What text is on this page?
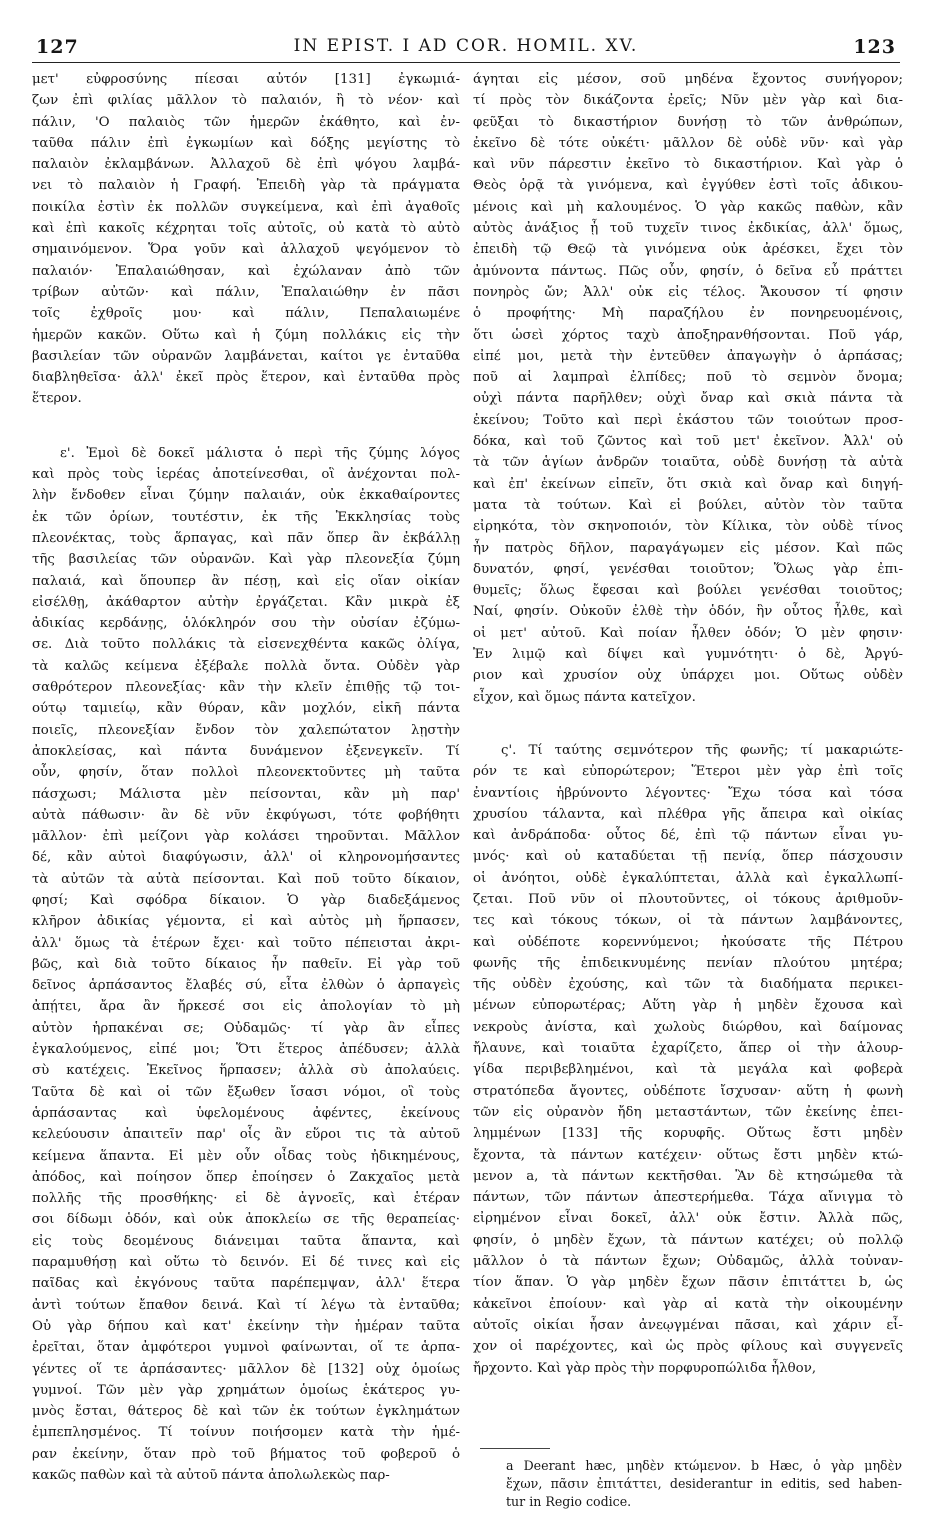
127	IN EPIST. I AD COR. HOMIL. XV.	123
μετ' εὐφροσύνης πίεσαι αὐτόν [131] ἐγκωμιά-
ζων ἐπὶ φιλίας μᾶλλον τὸ παλαιόν, ἢ τὸ νέον· καὶ
πάλιν, 'Ο παλαιὸς τῶν ἡμερῶν ἐκάθητο, καὶ ἐν-
ταῦθα πάλιν ἐπὶ ἐγκωμίων καὶ δόξης μεγίστης τὸ
παλαιὸν ἐκλαμβάνων. Ἀλλαχοῦ δὲ ἐπὶ ψόγου λαμβά-
νει τὸ παλαιὸν ἡ Γραφή. Ἐπειδὴ γὰρ τὰ πράγματα
ποικίλα ἐστὶν ἐκ πολλῶν συγκείμενα, καὶ ἐπὶ ἀγαθοῖς
καὶ ἐπὶ κακοῖς κέχρηται τοῖς αὐτοῖς, οὐ κατὰ τὸ αὐτὸ
σημαινόμενον. Ὅρα γοῦν καὶ ἀλλαχοῦ ψεγόμενον τὸ
παλαιόν· Ἐπαλαιώθησαν, καὶ ἐχώλαναν ἀπὸ τῶν
τρίβων αὐτῶν· καὶ πάλιν, Ἐπαλαιώθην ἐν πᾶσι
τοῖς ἐχθροῖς μου· καὶ πάλιν, Πεπαλαιωμένε
ἡμερῶν κακῶν. Οὕτω καὶ ἡ ζύμη πολλάκις εἰς τὴν
βασιλείαν τῶν οὐρανῶν λαμβάνεται, καίτοι γε ἐνταῦθα
διαβληθεῖσα· ἀλλ' ἐκεῖ πρὸς ἕτερον, καὶ ἐνταῦθα πρὸς
ἕτερον.
ε'. Ἐμοὶ δὲ δοκεῖ μάλιστα ὁ περὶ τῆς ζύμης λόγος
καὶ πρὸς τοὺς ἱερέας ἀποτείνεσθαι, οἳ ἀνέχονται πολ-
λὴν ἔνδοθεν εἶναι ζύμην παλαιάν, οὐκ ἐκκαθαίροντες
ἐκ τῶν ὁρίων, τουτέστιν, ἐκ τῆς Ἐκκλησίας τοὺς
πλεονέκτας, τοὺς ἅρπαγας, καὶ πᾶν ὅπερ ἂν ἐκβάλλῃ
τῆς βασιλείας τῶν οὐρανῶν. Καὶ γὰρ πλεονεξία ζύμη
παλαιά, καὶ ὅπουπερ ἂν πέσῃ, καὶ εἰς οἵαν οἰκίαν
εἰσέλθῃ, ἀκάθαρτον αὐτὴν ἐργάζεται. Κἂν μικρὰ ἐξ
ἀδικίας κερδάνῃς, ὁλόκληρόν σου τὴν οὐσίαν ἐζύμω-
σε. Διὰ τοῦτο πολλάκις τὰ εἰσενεχθέντα κακῶς ὀλίγα,
τὰ καλῶς κείμενα ἐξέβαλε πολλὰ ὄντα. Οὐδὲν γὰρ
σαθρότερον πλεονεξίας· κἂν τὴν κλεῖν ἐπιθῇς τῷ τοι-
ούτῳ ταμιείῳ, κἂν θύραν, κἂν μοχλόν, εἰκῆ πάντα
ποιεῖς, πλεονεξίαν ἔνδον τὸν χαλεπώτατον λῃστὴν
ἀποκλείσας, καὶ πάντα δυνάμενον ἐξενεγκεῖν. Τί
οὖν, φησίν, ὅταν πολλοὶ πλεονεκτοῦντες μὴ ταῦτα
πάσχωσι; Μάλιστα μὲν πείσονται, κἂν μὴ παρ'
αὐτὰ πάθωσιν· ἂν δὲ νῦν ἐκφύγωσι, τότε φοβήθητι
μᾶλλον· ἐπὶ μείζονι γὰρ κολάσει τηροῦνται. Μᾶλλον
δέ, κἂν αὐτοὶ διαφύγωσιν, ἀλλ' οἱ κληρονομήσαντες
τὰ αὐτῶν τὰ αὐτὰ πείσονται. Καὶ ποῦ τοῦτο δίκαιον,
φησί; Καὶ σφόδρα δίκαιον. Ὁ γὰρ διαδεξάμενος
κλῆρον ἀδικίας γέμοντα, εἰ καὶ αὐτὸς μὴ ἥρπασεν,
ἀλλ' ὅμως τὰ ἑτέρων ἔχει· καὶ τοῦτο πέπεισται ἀκρι-
βῶς, καὶ διὰ τοῦτο δίκαιος ἦν παθεῖν. Εἰ γὰρ τοῦ
δεῖνος ἁρπάσαντος ἔλαβές σύ, εἶτα ἐλθὼν ὁ ἀρπαγεὶς
ἀπῄτει, ἄρα ἂν ἤρκεσέ σοι εἰς ἀπολογίαν τὸ μὴ
αὐτὸν ἡρπακέναι σε; Οὐδαμῶς· τί γὰρ ἂν εἶπες
ἐγκαλούμενος, εἰπέ μοι; Ὅτι ἕτερος ἀπέδυσεν; ἀλλὰ
σὺ κατέχεις. Ἐκεῖνος ἥρπασεν; ἀλλὰ σὺ ἀπολαύεις.
Ταῦτα δὲ καὶ οἱ τῶν ἔξωθεν ἴσασι νόμοι, οἳ τοὺς
ἁρπάσαντας καὶ ὑφελομένους ἀφέντες, ἐκείνους
κελεύουσιν ἀπαιτεῖν παρ' οἷς ἂν εὕροι τις τὰ αὐτοῦ
κείμενα ἅπαντα. Εἰ μὲν οὖν οἶδας τοὺς ἠδικημένους,
ἀπόδος, καὶ ποίησον ὅπερ ἐποίησεν ὁ Ζακχαῖος μετὰ
πολλῆς τῆς προσθήκης· εἰ δὲ ἀγνοεῖς, καὶ ἑτέραν
σοι δίδωμι ὁδόν, καὶ οὐκ ἀποκλείω σε τῆς θεραπείας·
εἰς τοὺς δεομένους διάνειμαι ταῦτα ἅπαντα, καὶ
παραμυθήσῃ καὶ οὕτω τὸ δεινόν. Εἰ δέ τινες καὶ εἰς
παῖδας καὶ ἐκγόνους ταῦτα παρέπεμψαν, ἀλλ' ἕτερα
ἀντὶ τούτων ἔπαθον δεινά. Καὶ τί λέγω τὰ ἐνταῦθα;
Οὐ γὰρ δήπου καὶ κατ' ἐκείνην τὴν ἡμέραν ταῦτα
ἐρεῖται, ὅταν ἀμφότεροι γυμνοὶ φαίνωνται, οἵ τε ἁρπα-
γέντες οἵ τε ἁρπάσαντες· μᾶλλον δὲ [132] οὐχ ὁμοίως
γυμνοί. Τῶν μὲν γὰρ χρημάτων ὁμοίως ἑκάτερος γυ-
μνὸς ἔσται, θάτερος δὲ καὶ τῶν ἐκ τούτων ἐγκλημάτων
ἐμπεπλησμένος. Τί τοίνυν ποιήσομεν κατὰ τὴν ἡμέ-
ραν ἐκείνην, ὅταν πρὸ τοῦ βήματος τοῦ φοβεροῦ ὁ
κακῶς παθὼν καὶ τὰ αὐτοῦ πάντα ἀπολωλεκὼς παρ-
άγηται εἰς μέσον, σοῦ μηδένα ἔχοντος συνήγορον;
τί πρὸς τὸν δικάζοντα ἐρεῖς; Νῦν μὲν γὰρ καὶ δια-
φεῦξαι τὸ δικαστήριον δυνήσῃ τὸ τῶν ἀνθρώπων,
ἐκεῖνο δὲ τότε οὐκέτι· μᾶλλον δὲ οὐδὲ νῦν· καὶ γὰρ
καὶ νῦν πάρεστιν ἐκεῖνο τὸ δικαστήριον. Καὶ γὰρ ὁ
Θεὸς ὁρᾷ τὰ γινόμενα, καὶ ἐγγύθεν ἐστὶ τοῖς ἀδικου-
μένοις καὶ μὴ καλουμένος. Ὁ γὰρ κακῶς παθὼν, κἂν
αὐτὸς ἀνάξιος ᾖ τοῦ τυχεῖν τινος ἐκδικίας, ἀλλ' ὅμως,
ἐπειδὴ τῷ Θεῷ τὰ γινόμενα οὐκ ἀρέσκει, ἔχει τὸν
ἀμύνοντα πάντως. Πῶς οὖν, φησίν, ὁ δεῖνα εὖ πράττει
πονηρὸς ὤν; Ἀλλ' οὐκ εἰς τέλος. Ἄκουσον τί φησιν
ὁ προφήτης· Μὴ παραζήλου ἐν πονηρευομένοις,
ὅτι ὡσεὶ χόρτος ταχὺ ἀποξηρανθήσονται. Ποῦ γάρ,
εἰπέ μοι, μετὰ τὴν ἐντεῦθεν ἀπαγωγὴν ὁ ἁρπάσας;
ποῦ αἱ λαμπραὶ ἐλπίδες; ποῦ τὸ σεμνὸν ὄνομα;
οὐχὶ πάντα παρῆλθεν; οὐχὶ ὄναρ καὶ σκιὰ πάντα τὰ
ἐκείνου; Τοῦτο καὶ περὶ ἑκάστου τῶν τοιούτων προσ-
δόκα, καὶ τοῦ ζῶντος καὶ τοῦ μετ' ἐκεῖνον. Ἀλλ' οὐ
τὰ τῶν ἁγίων ἀνδρῶν τοιαῦτα, οὐδὲ δυνήσῃ τὰ αὐτὰ
καὶ ἐπ' ἐκείνων εἰπεῖν, ὅτι σκιὰ καὶ ὄναρ καὶ διηγή-
ματα τὰ τούτων. Καὶ εἰ βούλει, αὐτὸν τὸν ταῦτα
εἰρηκότα, τὸν σκηνοποιόν, τὸν Κίλικα, τὸν οὐδὲ τίνος
ἦν πατρὸς δῆλον, παραγάγωμεν εἰς μέσον. Καὶ πῶς
δυνατόν, φησί, γενέσθαι τοιοῦτον; Ὅλως γὰρ ἐπι-
θυμεῖς; ὅλως ἔφεσαι καὶ βούλει γενέσθαι τοιοῦτος;
Ναί, φησίν. Οὐκοῦν ἐλθὲ τὴν ὁδόν, ἣν οὗτος ἦλθε, καὶ
οἱ μετ' αὐτοῦ. Καὶ ποίαν ἦλθεν ὁδόν; Ὁ μὲν φησιν·
Ἐν λιμῷ καὶ δίψει καὶ γυμνότητι· ὁ δὲ, Ἀργύ-
ριον καὶ χρυσίον οὐχ ὑπάρχει μοι. Οὕτως οὐδὲν
εἶχον, καὶ ὅμως πάντα κατεῖχον.
ς'. Τί ταύτης σεμνότερον τῆς φωνῆς; τί μακαριώτε-
ρόν τε καὶ εὐπορώτερον; Ἕτεροι μὲν γὰρ ἐπὶ τοῖς
ἐναντίοις ἡβρύνοντο λέγοντες· Ἔχω τόσα καὶ τόσα
χρυσίου τάλαντα, καὶ πλέθρα γῆς ἄπειρα καὶ οἰκίας
καὶ ἀνδράποδα· οὗτος δέ, ἐπὶ τῷ πάντων εἶναι γυ-
μνός· καὶ οὐ καταδύεται τῇ πενίᾳ, ὅπερ πάσχουσιν
οἱ ἀνόητοι, οὐδὲ ἐγκαλύπτεται, ἀλλὰ καὶ ἐγκαλλωπί-
ζεται. Ποῦ νῦν οἱ πλουτοῦντες, οἱ τόκους ἀριθμοῦν-
τες καὶ τόκους τόκων, οἱ τὰ πάντων λαμβάνοντες,
καὶ οὐδέποτε κορεννύμενοι; ἠκούσατε τῆς Πέτρου
φωνῆς τῆς ἐπιδεικνυμένης πενίαν πλούτου μητέρα;
τῆς οὐδὲν ἐχούσης, καὶ τῶν τὰ διαδήματα περικει-
μένων εὐπορωτέρας; Αὕτη γὰρ ἡ μηδὲν ἔχουσα καὶ
νεκροὺς ἀνίστα, καὶ χωλοὺς διώρθου, καὶ δαίμονας
ἤλαυνε, καὶ τοιαῦτα ἐχαρίζετο, ἅπερ οἱ τὴν ἁλουρ-
γίδα περιβεβλημένοι, καὶ τὰ μεγάλα καὶ φοβερὰ
στρατόπεδα ἄγοντες, οὐδέποτε ἴσχυσαν· αὕτη ἡ φωνὴ
τῶν εἰς οὐρανὸν ἤδη μεταστάντων, τῶν ἐκείνης ἐπει-
λημμένων [133] τῆς κορυφῆς. Οὕτως ἔστι μηδὲν
ἔχοντα, τὰ πάντων κατέχειν· οὕτως ἔστι μηδὲν κτώ-
μενον a, τὰ πάντων κεκτῆσθαι. Ἂν δὲ κτησώμεθα τὰ
πάντων, τῶν πάντων ἀπεστερήμεθα. Τάχα αἴνιγμα τὸ
εἰρημένον εἶναι δοκεῖ, ἀλλ' οὐκ ἔστιν. Ἀλλὰ πῶς,
φησίν, ὁ μηδὲν ἔχων, τὰ πάντων κατέχει; οὐ πολλῷ
μᾶλλον ὁ τὰ πάντων ἔχων; Οὐδαμῶς, ἀλλὰ τοὐναν-
τίον ἅπαν. Ὁ γὰρ μηδὲν ἔχων πᾶσιν ἐπιτάττει b, ὡς
κἀκεῖνοι ἐποίουν· καὶ γὰρ αἱ κατὰ τὴν οἰκουμένην
αὐτοῖς οἰκίαι ἦσαν ἀνεῳγμέναι πᾶσαι, καὶ χάριν εἶ-
χον οἱ παρέχοντες, καὶ ὡς πρὸς φίλους καὶ συγγενεῖς
ἤρχοντο. Καὶ γὰρ πρὸς τὴν πορφυροπώλιδα ἦλθον,
a Deerant hæc, μηδὲν κτώμενον. b Hæc, ὁ γὰρ μηδὲν
ἔχων, πᾶσιν ἐπιτάττει, desiderantur in editis, sed haben-
tur in Regio codice.
